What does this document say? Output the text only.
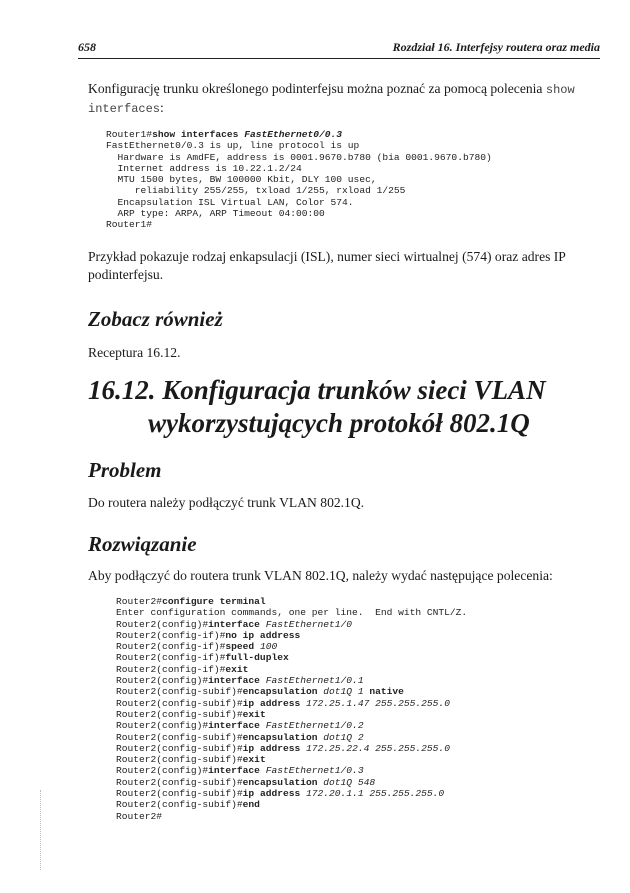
658	Rozdział 16. Interfejsy routera oraz media
Konfigurację trunku określonego podinterfejsu można poznać za pomocą polecenia show interfaces:
Router1#show interfaces FastEthernet0/0.3
FastEthernet0/0.3 is up, line protocol is up
Hardware is AmdFE, address is 0001.9670.b780 (bia 0001.9670.b780)
Internet address is 10.22.1.2/24
MTU 1500 bytes, BW 100000 Kbit, DLY 100 usec,
reliability 255/255, txload 1/255, rxload 1/255
Encapsulation ISL Virtual LAN, Color 574.
ARP type: ARPA, ARP Timeout 04:00:00
Router1#
Przykład pokazuje rodzaj enkapsulacji (ISL), numer sieci wirtualnej (574) oraz adres IP podinterfejsu.
Zobacz również
Receptura 16.12.
16.12. Konfiguracja trunków sieci VLAN
wykorzystujących protokół 802.1Q
Problem
Do routera należy podłączyć trunk VLAN 802.1Q.
Rozwiązanie
Aby podłączyć do routera trunk VLAN 802.1Q, należy wydać następujące polecenia:
Router2#configure terminal
Enter configuration commands, one per line.  End with CNTL/Z.
Router2(config)#interface FastEthernet1/0
Router2(config-if)#no ip address
Router2(config-if)#speed 100
Router2(config-if)#full-duplex
Router2(config-if)#exit
Router2(config)#interface FastEthernet1/0.1
Router2(config-subif)#encapsulation dot1Q 1 native
Router2(config-subif)#ip address 172.25.1.47 255.255.255.0
Router2(config-subif)#exit
Router2(config)#interface FastEthernet1/0.2
Router2(config-subif)#encapsulation dot1Q 2
Router2(config-subif)#ip address 172.25.22.4 255.255.255.0
Router2(config-subif)#exit
Router2(config)#interface FastEthernet1/0.3
Router2(config-subif)#encapsulation dot1Q 548
Router2(config-subif)#ip address 172.20.1.1 255.255.255.0
Router2(config-subif)#end
Router2#
